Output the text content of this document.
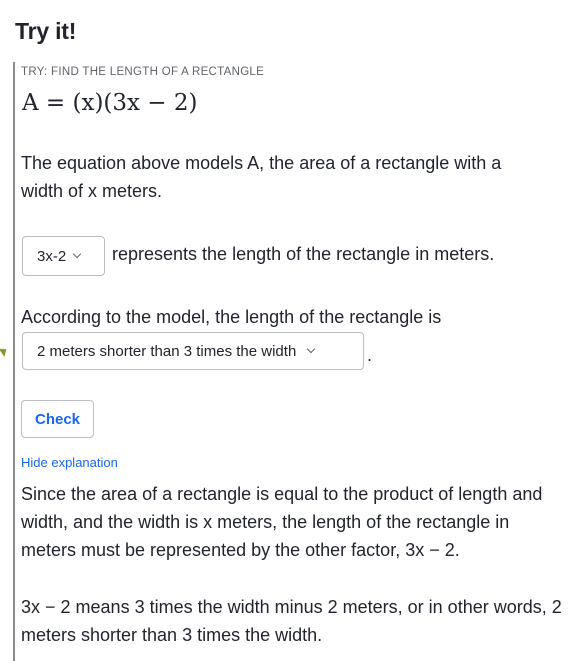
Try it!
TRY: FIND THE LENGTH OF A RECTANGLE
A = (x)(3x − 2)
The equation above models A, the area of a rectangle with a width of x meters.
3x-2	represents the length of the rectangle in meters.
According to the model, the length of the rectangle is
2 meters shorter than 3 times the width	.
Check
Hide explanation
Since the area of a rectangle is equal to the product of length and width, and the width is x meters, the length of the rectangle in meters must be represented by the other factor, 3x − 2.
3x − 2 means 3 times the width minus 2 meters, or in other words, 2 meters shorter than 3 times the width.
